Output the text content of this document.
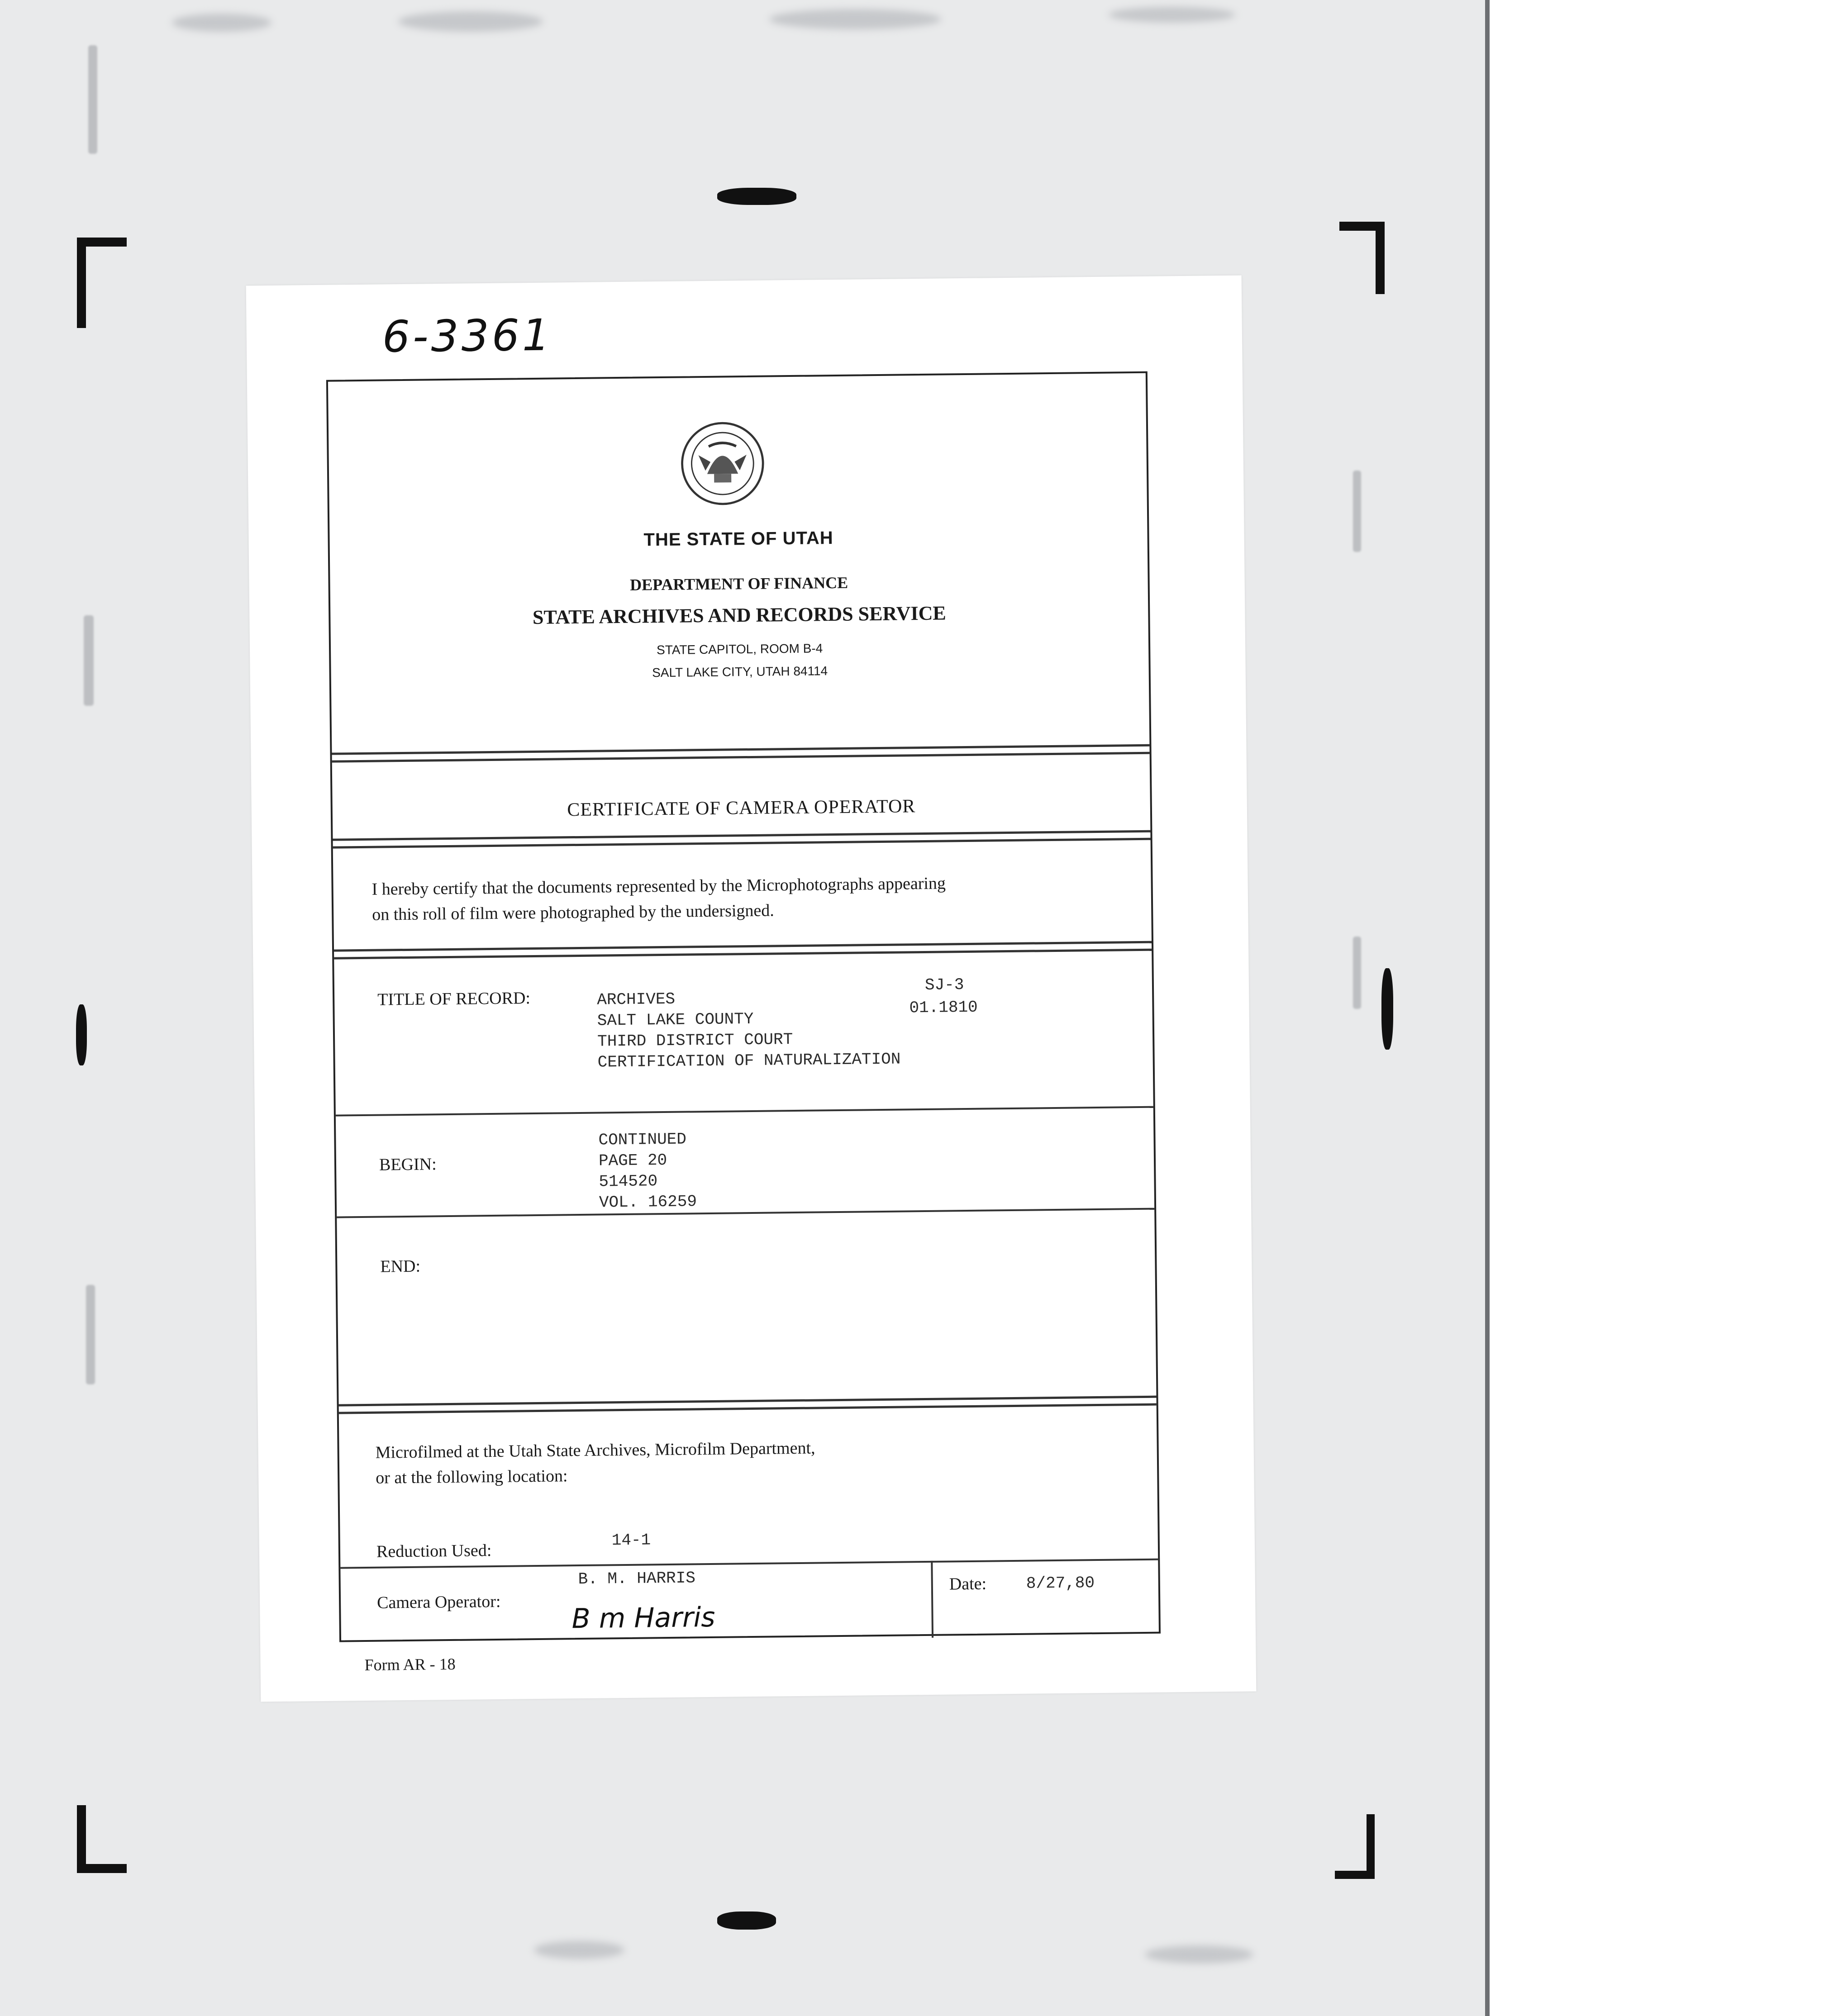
6-3361
THE STATE OF UTAH
DEPARTMENT OF FINANCE
STATE ARCHIVES AND RECORDS SERVICE
STATE CAPITOL, ROOM B-4
SALT LAKE CITY, UTAH 84114
CERTIFICATE OF CAMERA OPERATOR
I hereby certify that the documents represented by the Microphotographs appearing
on this roll of film were photographed by the undersigned.
TITLE OF RECORD:	ARCHIVES
SALT LAKE COUNTY
THIRD DISTRICT COURT
CERTIFICATION OF NATURALIZATION
SJ-3
01.1810
BEGIN:
CONTINUED
PAGE 20
514520
VOL. 16259
END:
Microfilmed at the Utah State Archives, Microfilm Department,
or at the following location:
Reduction Used:
14-1
Camera Operator:
B. M. HARRIS
B m Harris
Date: 8/27,80
Form AR - 18
